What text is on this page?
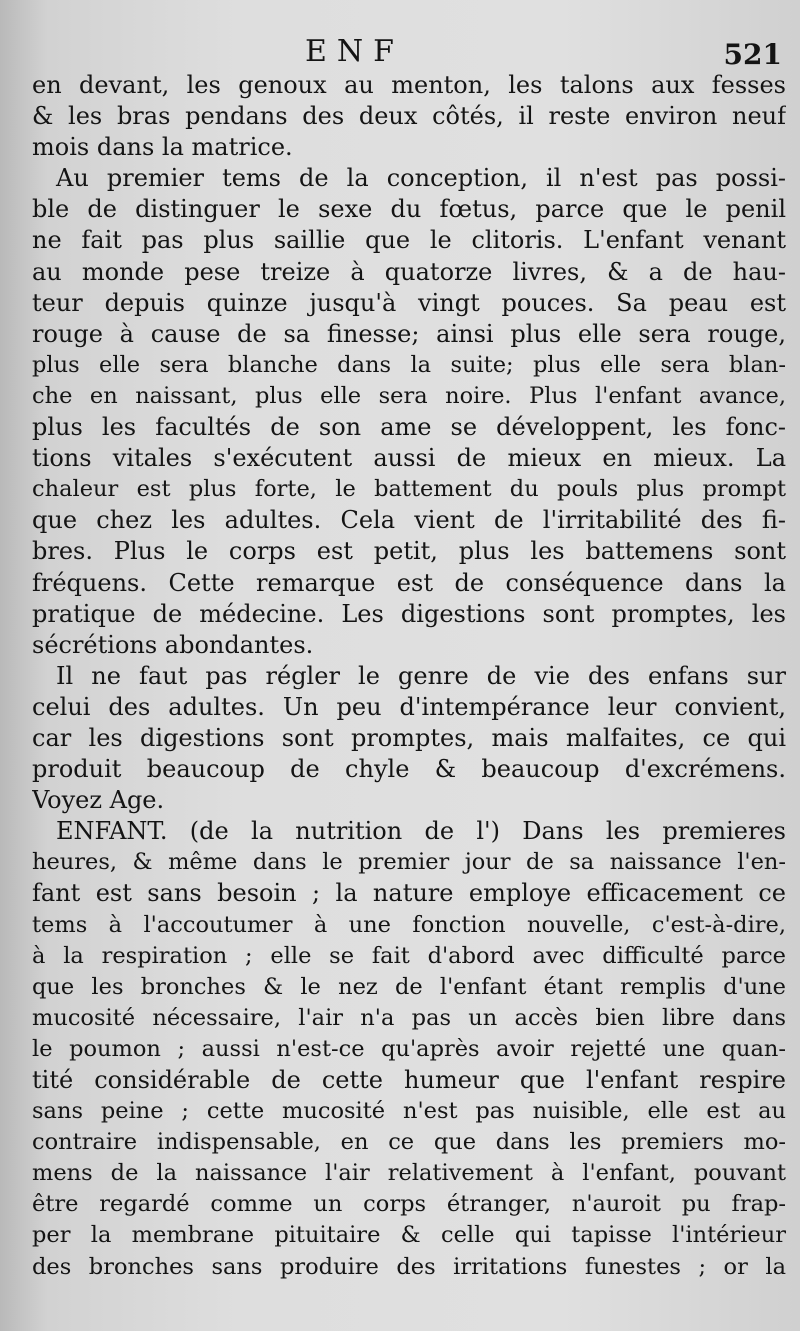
ENF	521
en devant, les genoux au menton, les talons aux fesses
& les bras pendans des deux côtés, il reste environ neuf
mois dans la matrice.
Au premier tems de la conception, il n'est pas possi-
ble de distinguer le sexe du fœtus, parce que le penil
ne fait pas plus saillie que le clitoris. L'enfant venant
au monde pese treize à quatorze livres, & a de hau-
teur depuis quinze jusqu'à vingt pouces. Sa peau est
rouge à cause de sa finesse; ainsi plus elle sera rouge,
plus elle sera blanche dans la suite; plus elle sera blan-
che en naissant, plus elle sera noire. Plus l'enfant avance,
plus les facultés de son ame se développent, les fonc-
tions vitales s'exécutent aussi de mieux en mieux. La
chaleur est plus forte, le battement du pouls plus prompt
que chez les adultes. Cela vient de l'irritabilité des fi-
bres. Plus le corps est petit, plus les battemens sont
fréquens. Cette remarque est de conséquence dans la
pratique de médecine. Les digestions sont promptes, les
sécrétions abondantes.
Il ne faut pas régler le genre de vie des enfans sur
celui des adultes. Un peu d'intempérance leur convient,
car les digestions sont promptes, mais malfaites, ce qui
produit beaucoup de chyle & beaucoup d'excrémens.
Voyez Age.
ENFANT. (de la nutrition de l') Dans les premieres
heures, & même dans le premier jour de sa naissance l'en-
fant est sans besoin ; la nature employe efficacement ce
tems à l'accoutumer à une fonction nouvelle, c'est-à-dire,
à la respiration ; elle se fait d'abord avec difficulté parce
que les bronches & le nez de l'enfant étant remplis d'une
mucosité nécessaire, l'air n'a pas un accès bien libre dans
le poumon ; aussi n'est-ce qu'après avoir rejetté une quan-
tité considérable de cette humeur que l'enfant respire
sans peine ; cette mucosité n'est pas nuisible, elle est au
contraire indispensable, en ce que dans les premiers mo-
mens de la naissance l'air relativement à l'enfant, pouvant
être regardé comme un corps étranger, n'auroit pu frap-
per la membrane pituitaire & celle qui tapisse l'intérieur
des bronches sans produire des irritations funestes ; or la
